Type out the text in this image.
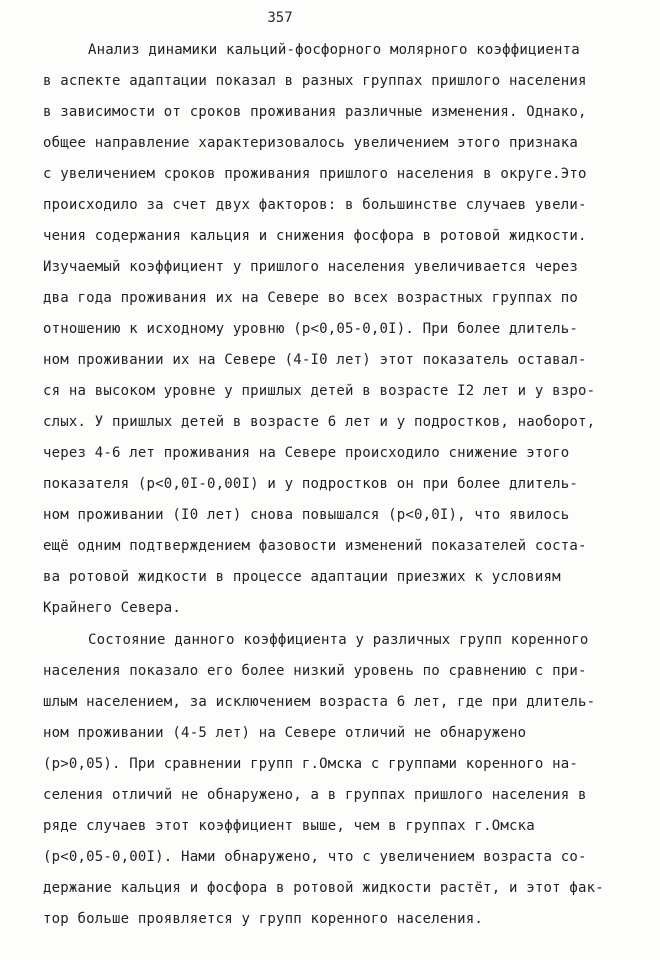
357
Анализ динамики кальций-фосфорного молярного коэффициента
в аспекте адаптации показал в разных группах пришлого населения
в зависимости от сроков проживания различные изменения. Однако,
общее направление характеризовалось увеличением этого признака
с увеличением сроков проживания пришлого населения в округе.Это
происходило за счет двух факторов: в большинстве случаев увели-
чения содержания кальция и снижения фосфора в ротовой жидкости.
Изучаемый коэффициент у пришлого населения увеличивается через
два года проживания их на Севере во всех возрастных группах по
отношению к исходному уровню (р<0,05-0,0I). При более длитель-
ном проживании их на Севере (4-I0 лет) этот показатель оставал-
ся на высоком уровне у пришлых детей в возрасте I2 лет и у взро-
слых. У пришлых детей в возрасте 6 лет и у подростков, наоборот,
через 4-6 лет проживания на Севере происходило снижение этого
показателя (р<0,0I-0,00I) и у подростков он при более длитель-
ном проживании (I0 лет) снова повышался (р<0,0I), что явилось
ещё одним подтверждением фазовости изменений показателей соста-
ва ротовой жидкости в процессе адаптации приезжих к условиям
Крайнего Севера.
Состояние данного коэффициента у различных групп коренного
населения показало его более низкий уровень по сравнению с при-
шлым населением, за исключением возраста 6 лет, где при длитель-
ном проживании (4-5 лет) на Севере отличий не обнаружено
(р>0,05). При сравнении групп г.Омска с группами коренного на-
селения отличий не обнаружено, а в группах пришлого населения в
ряде случаев этот коэффициент выше, чем в группах г.Омска
(р<0,05-0,00I). Нами обнаружено, что с увеличением возраста со-
держание кальция и фосфора в ротовой жидкости растёт, и этот фак-
тор больше проявляется у групп коренного населения.
